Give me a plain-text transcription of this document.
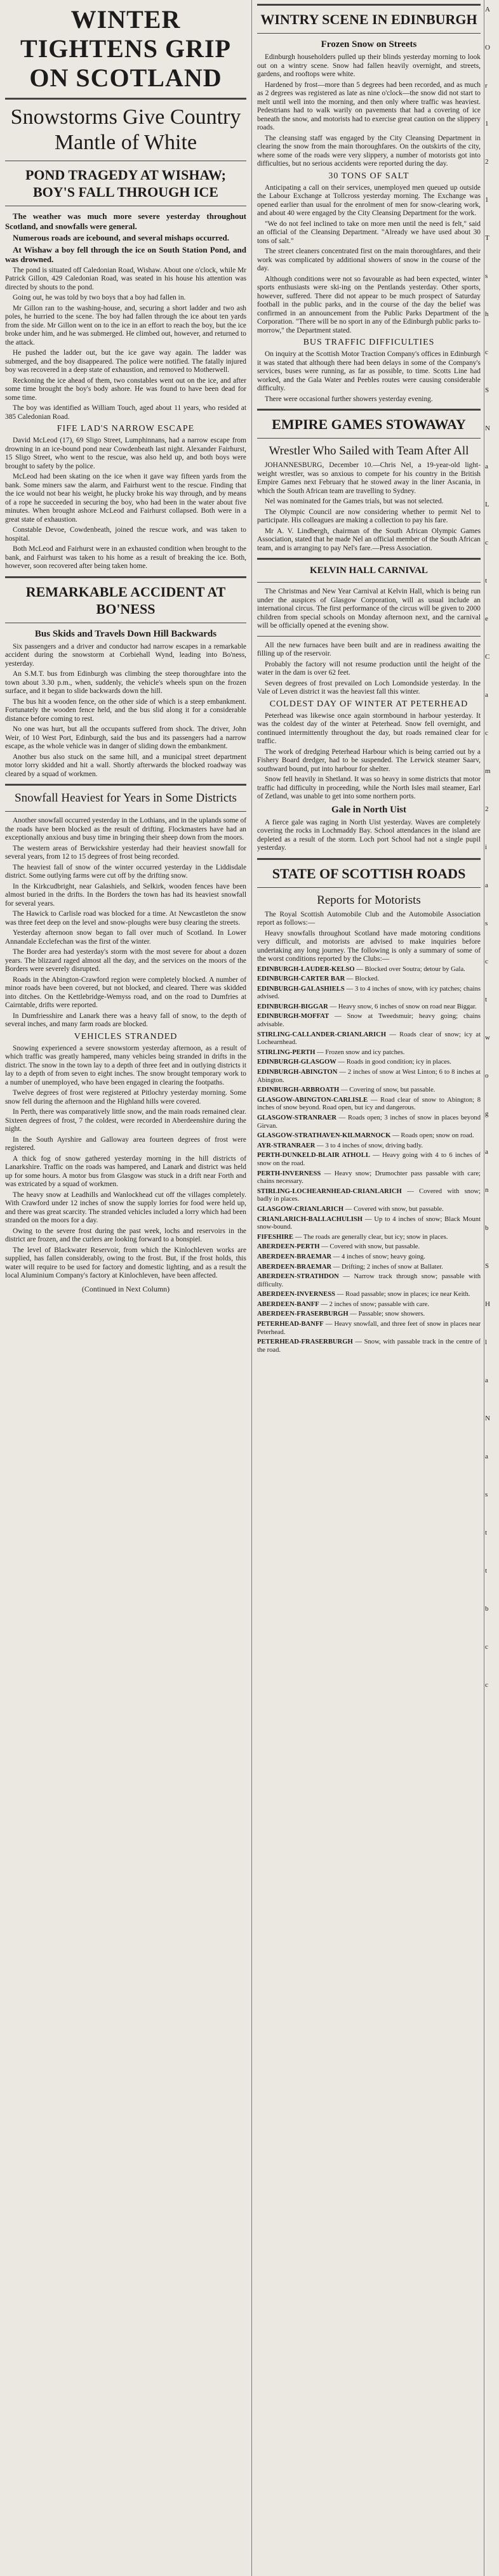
WINTER TIGHTENS GRIP ON SCOTLAND
Snowstorms Give Country Mantle of White
POND TRAGEDY AT WISHAW; BOY'S FALL THROUGH ICE

The weather was much more severe yesterday throughout Scotland, and snowfalls were general.

Numerous roads are icebound, and several mishaps occurred.

At Wishaw a boy fell through the ice on South Station Pond, and was drowned.

The pond is situated off Caledonian Road, Wishaw. About one o'clock, while Mr Patrick Gillon, 429 Caledonian Road, was seated in his house his attention was directed by shouts to the pond.

Going out, he was told by two boys that a boy had fallen in.

Mr Gillon ran to the washing-house, and, securing a short ladder and two ash poles, he hurried to the scene. The boy had fallen through the ice about ten yards from the side. Mr Gillon went on to the ice in an effort to reach the boy, but the ice broke under him, and he was submerged. He climbed out, however, and returned to the attack.

He pushed the ladder out, but the ice gave way again. The ladder was submerged, and the boy disappeared. The police were notified. The fatally injured boy was recovered in a deep state of exhaustion, and removed to Motherwell.

Reckoning the ice ahead of them, two constables went out on the ice, and after some time brought the boy's body ashore. He was found to have been dead for some time.

The boy was identified as William Touch, aged about 11 years, who resided at 385 Caledonian Road.

FIFE LAD'S NARROW ESCAPE

David McLeod (17), 69 Sligo Street, Lumphinnans, had a narrow escape from drowning in an ice-bound pond near Cowdenbeath last night. Alexander Fairhurst, 15 Sligo Street, who went to the rescue, was also held up, and both boys were brought to safety by the police.

McLeod had been skating on the ice when it gave way fifteen yards from the bank. Some miners saw the alarm, and Fairhurst went to the rescue. Finding that the ice would not bear his weight, he plucky broke his way through, and by means of a rope he succeeded in securing the boy, who had been in the water about five minutes. When brought ashore McLeod and Fairhurst collapsed. Both were in a great state of exhaustion.

Constable Devoe, Cowdenbeath, joined the rescue work, and was taken to hospital.

Both McLeod and Fairhurst were in an exhausted condition when brought to the bank, and Fairhurst was taken to his home as a result of breaking the ice. Both, however, soon recovered after being taken home.

REMARKABLE ACCIDENT AT BO'NESS
Bus Skids and Travels Down Hill Backwards

Six passengers and a driver and conductor had narrow escapes in a remarkable accident during the snowstorm at Corbiehall Wynd, leading into Bo'ness, yesterday.

An S.M.T. bus from Edinburgh was climbing the steep thoroughfare into the town about 3.30 p.m., when, suddenly, the vehicle's wheels spun on the frozen surface, and it began to slide backwards down the hill.

The bus hit a wooden fence, on the other side of which is a steep embankment. Fortunately the wooden fence held, and the bus slid along it for a considerable distance before coming to rest.

No one was hurt, but all the occupants suffered from shock. The driver, John Weir, of 10 West Port, Edinburgh, said the bus and its passengers had a narrow escape, as the whole vehicle was in danger of sliding down the embankment.

Another bus also stuck on the same hill, and a municipal street department motor lorry skidded and hit a wall. Shortly afterwards the blocked roadway was cleared by a squad of workmen.

Snowfall Heaviest for Years in Some Districts

Another snowfall occurred yesterday in the Lothians, and in the uplands some of the roads have been blocked as the result of drifting. Flockmasters have had an exceptionally anxious and busy time in bringing their sheep down from the moors.

The western areas of Berwickshire yesterday had their heaviest snowfall for several years, from 12 to 15 degrees of frost being recorded.

The heaviest fall of snow of the winter occurred yesterday in the Liddisdale district. Some outlying farms were cut off by the drifting snow.

In the Kirkcudbright, near Galashiels, and Selkirk, wooden fences have been almost buried in the drifts. In the Borders the town has had its heaviest snowfall for several years.

The Hawick to Carlisle road was blocked for a time. At Newcastleton the snow was three feet deep on the level and snow-ploughs were busy clearing the streets.

Yesterday afternoon snow began to fall over much of Scotland. In Lower Annandale Ecclefechan was the first of the winter.

The Border area had yesterday's storm with the most severe for about a dozen years. The blizzard raged almost all the day, and the services on the moors of the Borders were severely disrupted.

Roads in the Abington-Crawford region were completely blocked. A number of minor roads have been covered, but not blocked, and cleared. There was skidded into ditches. On the Kettlebridge-Wemyss road, and on the road to Dumfries at Cairntable, drifts were reported.

In Dumfriesshire and Lanark there was a heavy fall of snow, to the depth of several inches, and many farm roads are blocked.

VEHICLES STRANDED

Snowing experienced a severe snowstorm yesterday afternoon, as a result of which traffic was greatly hampered, many vehicles being stranded in drifts in the district. The snow in the town lay to a depth of three feet and in outlying districts it lay to a depth of from seven to eight inches. The snow brought temporary work to a number of unemployed, who have been engaged in clearing the footpaths.

Twelve degrees of frost were registered at Pitlochry yesterday morning. Some snow fell during the afternoon and the Highland hills were covered.

In Perth, there was comparatively little snow, and the main roads remained clear. Sixteen degrees of frost, 7 the coldest, were recorded in Aberdeenshire during the night.

In the South Ayrshire and Galloway area fourteen degrees of frost were registered.

A thick fog of snow gathered yesterday morning in the hill districts of Lanarkshire. Traffic on the roads was hampered, and Lanark and district was held up for some hours. A motor bus from Glasgow was stuck in a drift near Forth and was extricated by a squad of workmen.

The heavy snow at Leadhills and Wanlockhead cut off the villages completely. With Crawford under 12 inches of snow the supply lorries for food were held up, and there was great scarcity. The stranded vehicles included a lorry which had been stranded on the moors for a day.

Owing to the severe frost during the past week, lochs and reservoirs in the district are frozen, and the curlers are looking forward to a bonspiel.

The level of Blackwater Reservoir, from which the Kinlochleven works are supplied, has fallen considerably, owing to the frost. But, if the frost holds, this water will require to be used for factory and domestic lighting, and as a result the local Aluminium Company's factory at Kinlochleven, have been affected.

(Continued in Next Column)
WINTRY SCENE IN EDINBURGH
Frozen Snow on Streets

Edinburgh householders pulled up their blinds yesterday morning to look out on a wintry scene. Snow had fallen heavily overnight, and streets, gardens, and rooftops were white.

Hardened by frost—more than 5 degrees had been recorded, and as much as 2 degrees was registered as late as nine o'clock—the snow did not start to melt until well into the morning, and then only where traffic was heaviest. Pedestrians had to walk warily on pavements that had a covering of ice beneath the snow, and motorists had to exercise great caution on the slippery roads.

The cleansing staff was engaged by the City Cleansing Department in clearing the snow from the main thoroughfares. On the outskirts of the city, where some of the roads were very slippery, a number of motorists got into difficulties, but no serious accidents were reported during the day.

30 TONS OF SALT

Anticipating a call on their services, unemployed men queued up outside the Labour Exchange at Tollcross yesterday morning. The Exchange was opened earlier than usual for the enrolment of men for snow-clearing work, and about 40 were engaged by the City Cleansing Department for the work.

"We do not feel inclined to take on more men until the need is felt," said an official of the Cleansing Department. "Already we have used about 30 tons of salt."

The street cleaners concentrated first on the main thoroughfares, and their work was complicated by additional showers of snow in the course of the day.

Although conditions were not so favourable as had been expected, winter sports enthusiasts were ski-ing on the Pentlands yesterday. Other sports, however, suffered. There did not appear to be much prospect of Saturday football in the public parks, and in the course of the day the belief was confirmed in an announcement from the Public Parks Department of the Corporation. "There will be no sport in any of the Edinburgh public parks to-morrow," the Department stated.

BUS TRAFFIC DIFFICULTIES

On inquiry at the Scottish Motor Traction Company's offices in Edinburgh it was stated that although there had been delays in some of the Company's services, buses were running, as far as possible, to time. Scotts Line had worked, and the Gala Water and Peebles routes were causing considerable difficulty.

There were occasional further showers yesterday evening.

EMPIRE GAMES STOWAWAY
Wrestler Who Sailed with Team After All

JOHANNESBURG, December 10.—Chris Nel, a 19-year-old light-weight wrestler, was so anxious to compete for his country in the British Empire Games next February that he stowed away in the liner Ascania, in which the South African team are travelling to Sydney.

Nel was nominated for the Games trials, but was not selected.

The Olympic Council are now considering whether to permit Nel to participate. His colleagues are making a collection to pay his fare.

Mr A. V. Lindbergh, chairman of the South African Olympic Games Association, stated that he made Nel an official member of the South African team, and is arranging to pay Nel's fare.—Press Association.

KELVIN HALL CARNIVAL

The Christmas and New Year Carnival at Kelvin Hall, which is being run under the auspices of Glasgow Corporation, will as usual include an international circus. The first performance of the circus will be given to 2000 children from special schools on Monday afternoon next, and the carnival will be officially opened at the evening show.

All the new furnaces have been built and are in readiness awaiting the filling up of the reservoir.

Probably the factory will not resume production until the height of the water in the dam is over 62 feet.

Seven degrees of frost prevailed on Loch Lomondside yesterday. In the Vale of Leven district it was the heaviest fall this winter.

COLDEST DAY OF WINTER AT PETERHEAD

Peterhead was likewise once again stormbound in harbour yesterday. It was the coldest day of the winter at Peterhead. Snow fell overnight, and continued intermittently throughout the day, but roads remained clear for traffic.

The work of dredging Peterhead Harbour which is being carried out by a Fishery Board dredger, had to be suspended. The Lerwick steamer Saarv, southward bound, put into harbour for shelter.

Snow fell heavily in Shetland. It was so heavy in some districts that motor traffic had difficulty in proceeding, while the North Isles mail steamer, Earl of Zetland, was unable to get into some northern ports.

Gale in North Uist

A fierce gale was raging in North Uist yesterday. Waves are completely covering the rocks in Lochmaddy Bay. School attendances in the island are depleted as a result of the storm. Loch port School had not a single pupil yesterday.

STATE OF SCOTTISH ROADS
Reports for Motorists

The Royal Scottish Automobile Club and the Automobile Association report as follows:—

Heavy snowfalls throughout Scotland have made motoring conditions very difficult, and motorists are advised to make inquiries before undertaking any long journey. The following is only a summary of some of the worst conditions reported by the Clubs:—

EDINBURGH-LAUDER-KELSO — Blocked over Soutra; detour by Gala.

EDINBURGH-CARTER BAR — Blocked.

EDINBURGH-GALASHIELS — 3 to 4 inches of snow, with icy patches; chains advised.

EDINBURGH-BIGGAR — Heavy snow, 6 inches of snow on road near Biggar.

EDINBURGH-MOFFAT — Snow at Tweedsmuir; heavy going; chains advisable.

STIRLING-CALLANDER-CRIANLARICH — Roads clear of snow; icy at Lochearnhead.

STIRLING-PERTH — Frozen snow and icy patches.

EDINBURGH-GLASGOW — Roads in good condition; icy in places.

EDINBURGH-ABINGTON — 2 inches of snow at West Linton; 6 to 8 inches at Abington.

EDINBURGH-ARBROATH — Covering of snow, but passable.

GLASGOW-ABINGTON-CARLISLE — Road clear of snow to Abington; 8 inches of snow beyond. Road open, but icy and dangerous.

GLASGOW-STRANRAER — Roads open; 3 inches of snow in places beyond Girvan.

GLASGOW-STRATHAVEN-KILMARNOCK — Roads open; snow on road.

AYR-STRANRAER — 3 to 4 inches of snow, driving badly.

PERTH-DUNKELD-BLAIR ATHOLL — Heavy going with 4 to 6 inches of snow on the road.

PERTH-INVERNESS — Heavy snow; Drumochter pass passable with care; chains necessary.

STIRLING-LOCHEARNHEAD-CRIANLARICH — Covered with snow; badly in places.

GLASGOW-CRIANLARICH — Covered with snow, but passable.

CRIANLARICH-BALLACHULISH — Up to 4 inches of snow; Black Mount snow-bound.

FIFESHIRE — The roads are generally clear, but icy; snow in places.

ABERDEEN-PERTH — Covered with snow, but passable.

ABERDEEN-BRAEMAR — 4 inches of snow; heavy going.

ABERDEEN-BRAEMAR — Drifting; 2 inches of snow at Ballater.

ABERDEEN-STRATHDON — Narrow track through snow; passable with difficulty.

ABERDEEN-INVERNESS — Road passable; snow in places; ice near Keith.

ABERDEEN-BANFF — 2 inches of snow; passable with care.

ABERDEEN-FRASERBURGH — Passable; snow showers.

PETERHEAD-BANFF — Heavy snowfall, and three feet of snow in places near Peterhead.

PETERHEAD-FRASERBURGH — Snow, with passable track in the centre of the road.

A

O

r

1

2

1

T

s

h

c

S

N

a

L

c

t

e

C

a

c

m

2

i

a

s

c

t

w

o

g

a

n

b

S

H

l

a

N

a

s

t

t

b

c

c
